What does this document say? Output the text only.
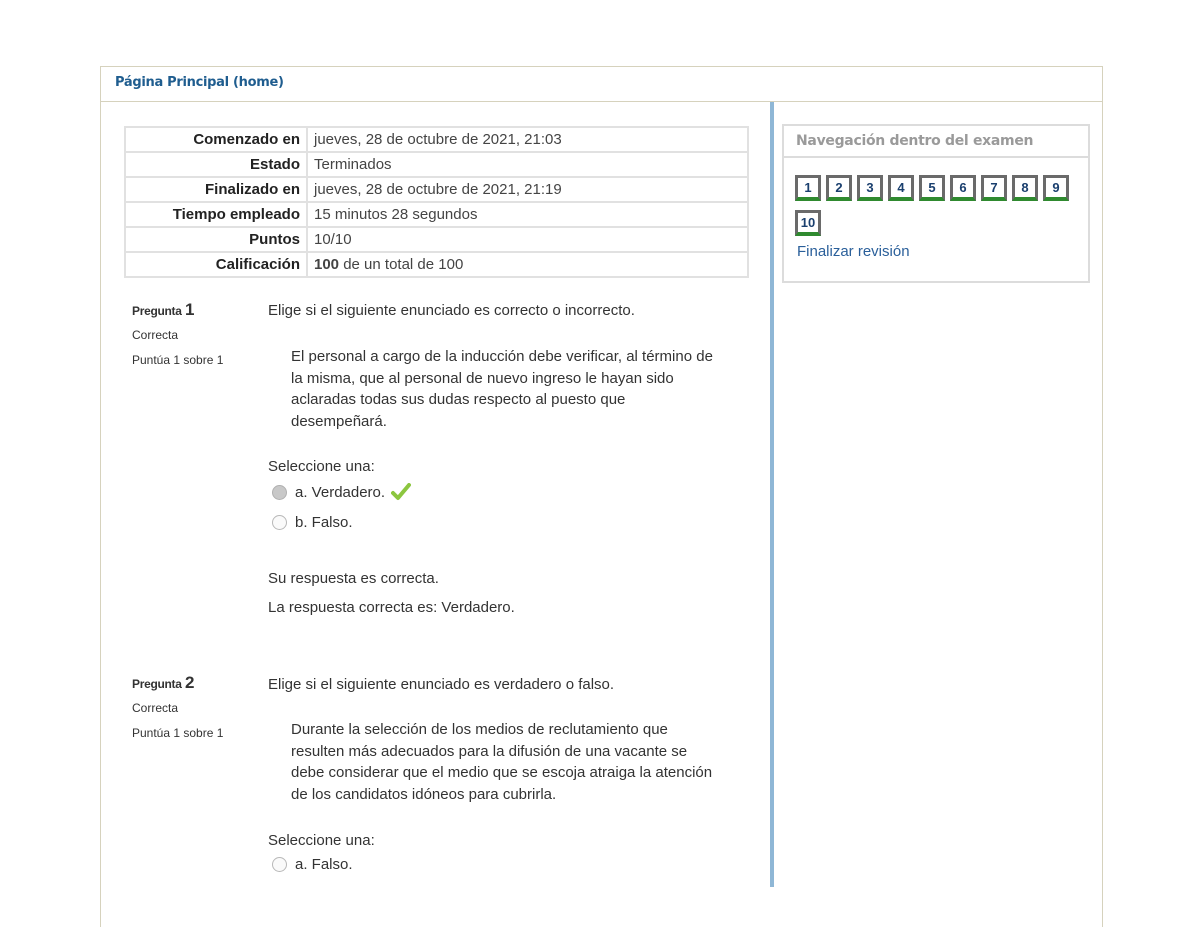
Página Principal (home)
Comenzado en	jueves, 28 de octubre de 2021, 21:03
Estado	Terminados
Finalizado en	jueves, 28 de octubre de 2021, 21:19
Tiempo empleado	15 minutos 28 segundos
Puntos	10/10
Calificación	100 de un total de 100
Pregunta 1
Correcta
Puntúa 1 sobre 1
Elige si el siguiente enunciado es correcto o incorrecto.
El personal a cargo de la inducción debe verificar, al término de la misma, que al personal de nuevo ingreso le hayan sido aclaradas todas sus dudas respecto al puesto que desempeñará.
Seleccione una:
a. Verdadero.
b. Falso.
Su respuesta es correcta.
La respuesta correcta es: Verdadero.
Pregunta 2
Correcta
Puntúa 1 sobre 1
Elige si el siguiente enunciado es verdadero o falso.
Durante la selección de los medios de reclutamiento que resulten más adecuados para la difusión de una vacante se debe considerar que el medio que se escoja atraiga la atención de los candidatos idóneos para cubrirla.
Seleccione una:
a. Falso.
Navegación dentro del examen
1	2	3	4	5	6	7	8	9
10
Finalizar revisión
